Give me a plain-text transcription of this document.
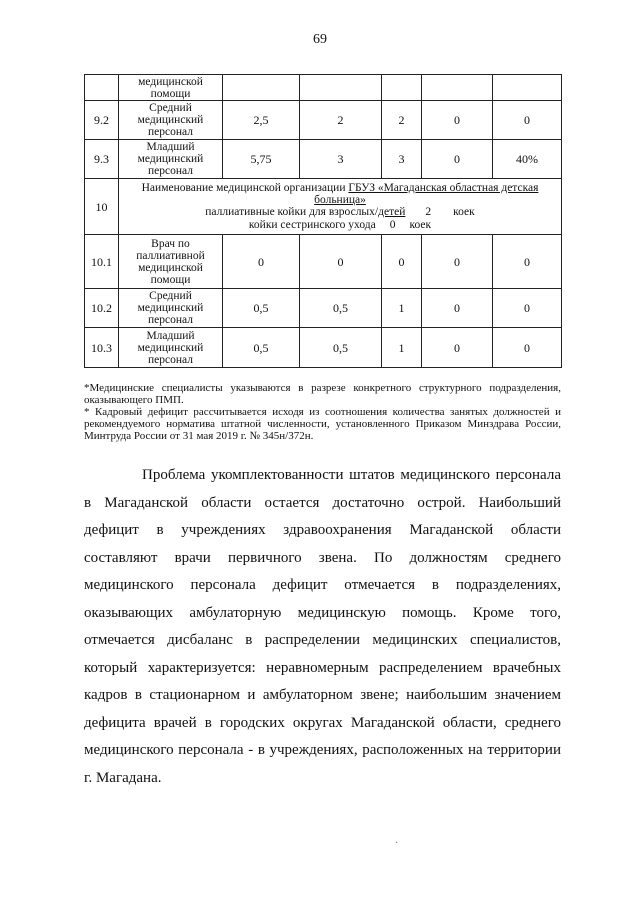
69

	медицинской
помощи					

9.2	Средний
медицинский
персонал	2,5	2	2	0	0
9.3	Младший
медицинский
персонал	5,75	3	3	0	40%
10	Наименование медицинской организации ГБУЗ «Магаданская областная детская больница»
паллиативные койки для взрослых/детей 2 коек
койки сестринского ухода 0 коек					

10.1	Врач по
паллиативной
медицинской
помощи	0	0	0	0	0
10.2	Средний
медицинский
персонал	0,5	0,5	1	0	0
10.3	Младший
медицинский
персонал	0,5	0,5	1	0	0

*Медицинские специалисты указываются в разрезе конкретного структурного подразделения, оказывающего ПМП.

* Кадровый дефицит рассчитывается исходя из соотношения количества занятых должностей и рекомендуемого норматива штатной численности, установленного Приказом Минздрава России, Минтруда России от 31 мая 2019 г. № 345н/372н.

Проблема укомплектованности штатов медицинского персонала в Магаданской области остается достаточно острой. Наибольший дефицит в учреждениях здравоохранения Магаданской области составляют врачи первичного звена. По должностям среднего медицинского персонала дефицит отмечается в подразделениях, оказывающих амбулаторную медицинскую помощь. Кроме того, отмечается дисбаланс в распределении медицинских специалистов, который характеризуется: неравномерным распределением врачебных кадров в стационарном и амбулаторном звене; наибольшим значением дефицита врачей в городских округах Магаданской области, среднего медицинского персонала - в учреждениях, расположенных на территории г. Магадана.

·
